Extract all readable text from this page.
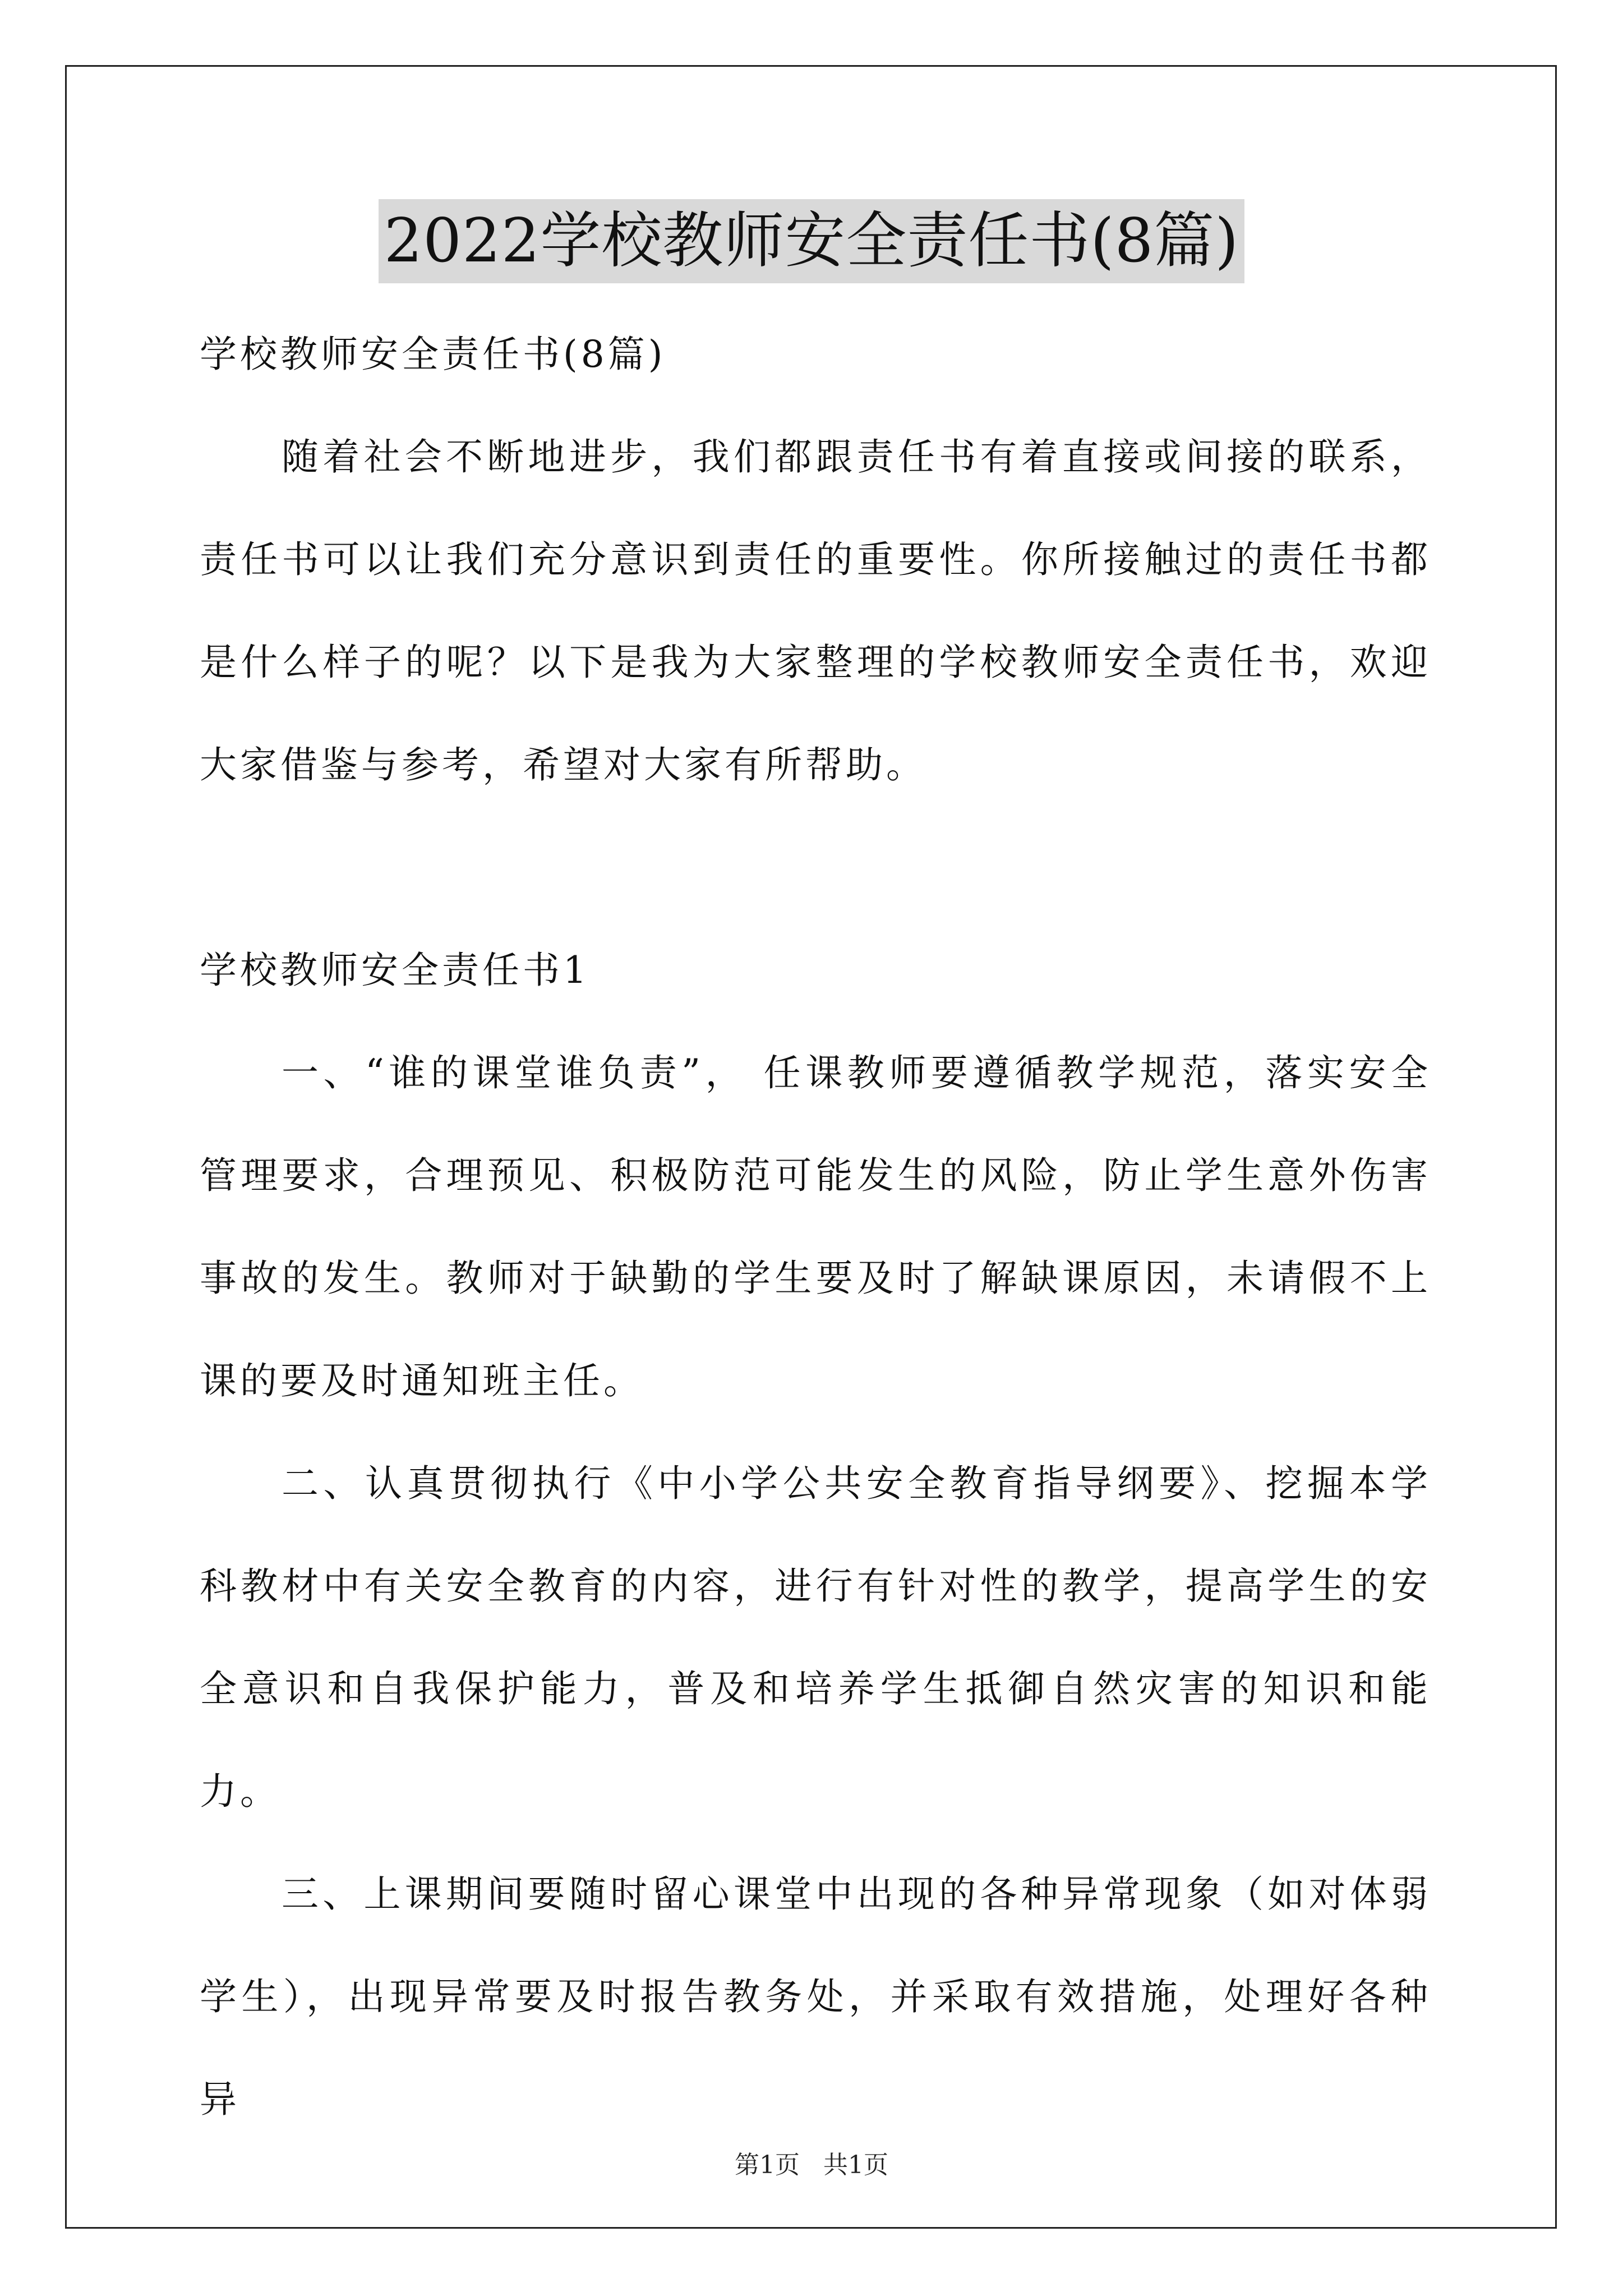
2022学校教师安全责任书(8篇)

学校教师安全责任书(8篇)

随着社会不断地进步，我们都跟责任书有着直接或间接的联系，责任书可以让我们充分意识到责任的重要性。你所接触过的责任书都是什么样子的呢？以下是我为大家整理的学校教师安全责任书，欢迎大家借鉴与参考，希望对大家有所帮助。

学校教师安全责任书1

一、“谁的课堂谁负责”， 任课教师要遵循教学规范，落实安全管理要求，合理预见、积极防范可能发生的风险，防止学生意外伤害事故的发生。教师对于缺勤的学生要及时了解缺课原因，未请假不上课的要及时通知班主任。

二、认真贯彻执行《中小学公共安全教育指导纲要》、挖掘本学科教材中有关安全教育的内容，进行有针对性的教学，提高学生的安全意识和自我保护能力，普及和培养学生抵御自然灾害的知识和能力。

三、上课期间要随时留心课堂中出现的各种异常现象（如对体弱学生），出现异常要及时报告教务处，并采取有效措施，处理好各种异

第1页 共1页
